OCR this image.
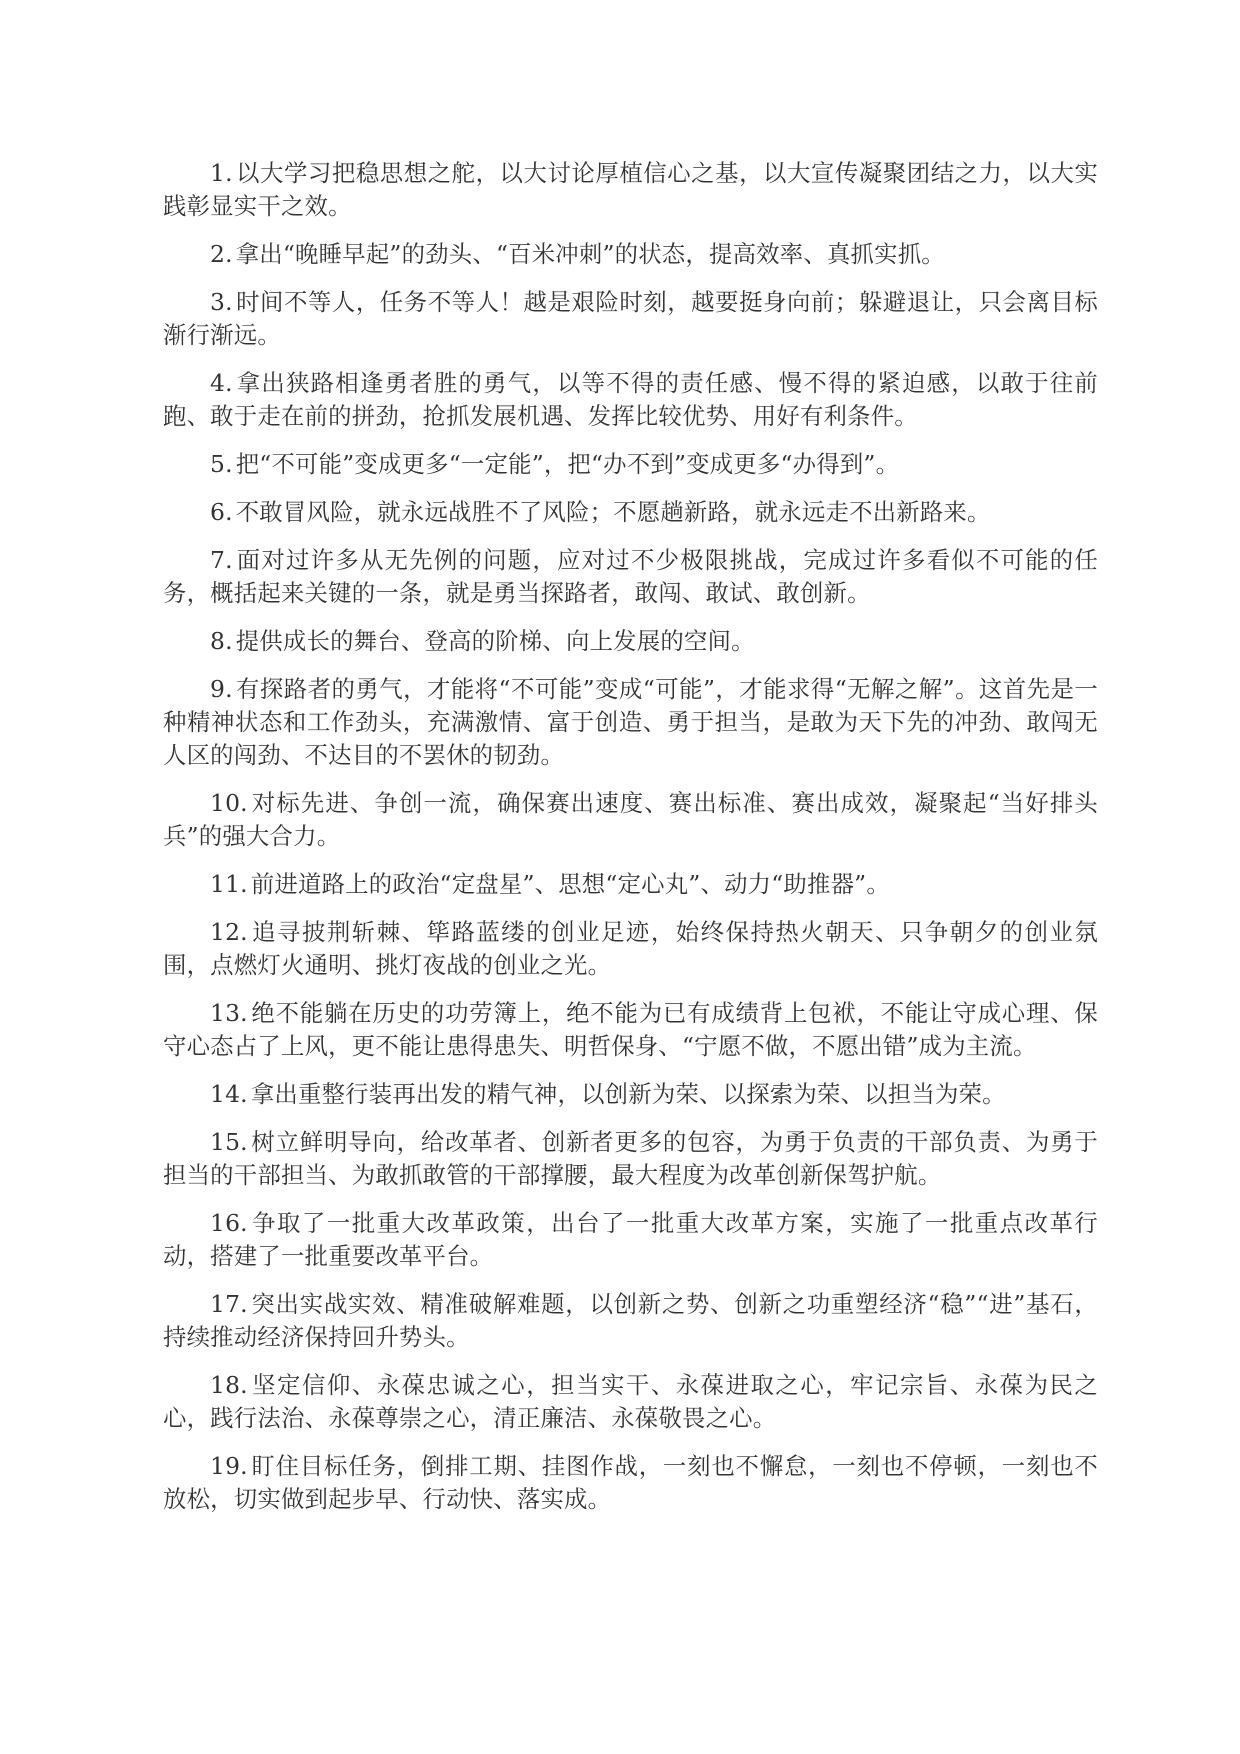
1. 以大学习把稳思想之舵，以大讨论厚植信心之基，以大宣传凝聚团结之力，以大实践彰显实干之效。

2. 拿出“晚睡早起”的劲头、“百米冲刺”的状态，提高效率、真抓实抓。

3. 时间不等人，任务不等人！越是艰险时刻，越要挺身向前；躲避退让，只会离目标渐行渐远。

4. 拿出狭路相逢勇者胜的勇气，以等不得的责任感、慢不得的紧迫感，以敢于往前跑、敢于走在前的拼劲，抢抓发展机遇、发挥比较优势、用好有利条件。

5. 把“不可能”变成更多“一定能”，把“办不到”变成更多“办得到”。

6. 不敢冒风险，就永远战胜不了风险；不愿趟新路，就永远走不出新路来。

7. 面对过许多从无先例的问题，应对过不少极限挑战，完成过许多看似不可能的任务，概括起来关键的一条，就是勇当探路者，敢闯、敢试、敢创新。

8. 提供成长的舞台、登高的阶梯、向上发展的空间。

9. 有探路者的勇气，才能将“不可能”变成“可能”，才能求得“无解之解”。这首先是一种精神状态和工作劲头，充满激情、富于创造、勇于担当，是敢为天下先的冲劲、敢闯无人区的闯劲、不达目的不罢休的韧劲。

10. 对标先进、争创一流，确保赛出速度、赛出标准、赛出成效，凝聚起“当好排头兵”的强大合力。

11. 前进道路上的政治“定盘星”、思想“定心丸”、动力“助推器”。

12. 追寻披荆斩棘、筚路蓝缕的创业足迹，始终保持热火朝天、只争朝夕的创业氛围，点燃灯火通明、挑灯夜战的创业之光。

13. 绝不能躺在历史的功劳簿上，绝不能为已有成绩背上包袱，不能让守成心理、保守心态占了上风，更不能让患得患失、明哲保身、“宁愿不做，不愿出错”成为主流。

14. 拿出重整行装再出发的精气神，以创新为荣、以探索为荣、以担当为荣。

15. 树立鲜明导向，给改革者、创新者更多的包容，为勇于负责的干部负责、为勇于担当的干部担当、为敢抓敢管的干部撑腰，最大程度为改革创新保驾护航。

16. 争取了一批重大改革政策，出台了一批重大改革方案，实施了一批重点改革行动，搭建了一批重要改革平台。

17. 突出实战实效、精准破解难题，以创新之势、创新之功重塑经济“稳”“进”基石，持续推动经济保持回升势头。

18. 坚定信仰、永葆忠诚之心，担当实干、永葆进取之心，牢记宗旨、永葆为民之心，践行法治、永葆尊崇之心，清正廉洁、永葆敬畏之心。

19. 盯住目标任务，倒排工期、挂图作战，一刻也不懈怠，一刻也不停顿，一刻也不放松，切实做到起步早、行动快、落实成。
